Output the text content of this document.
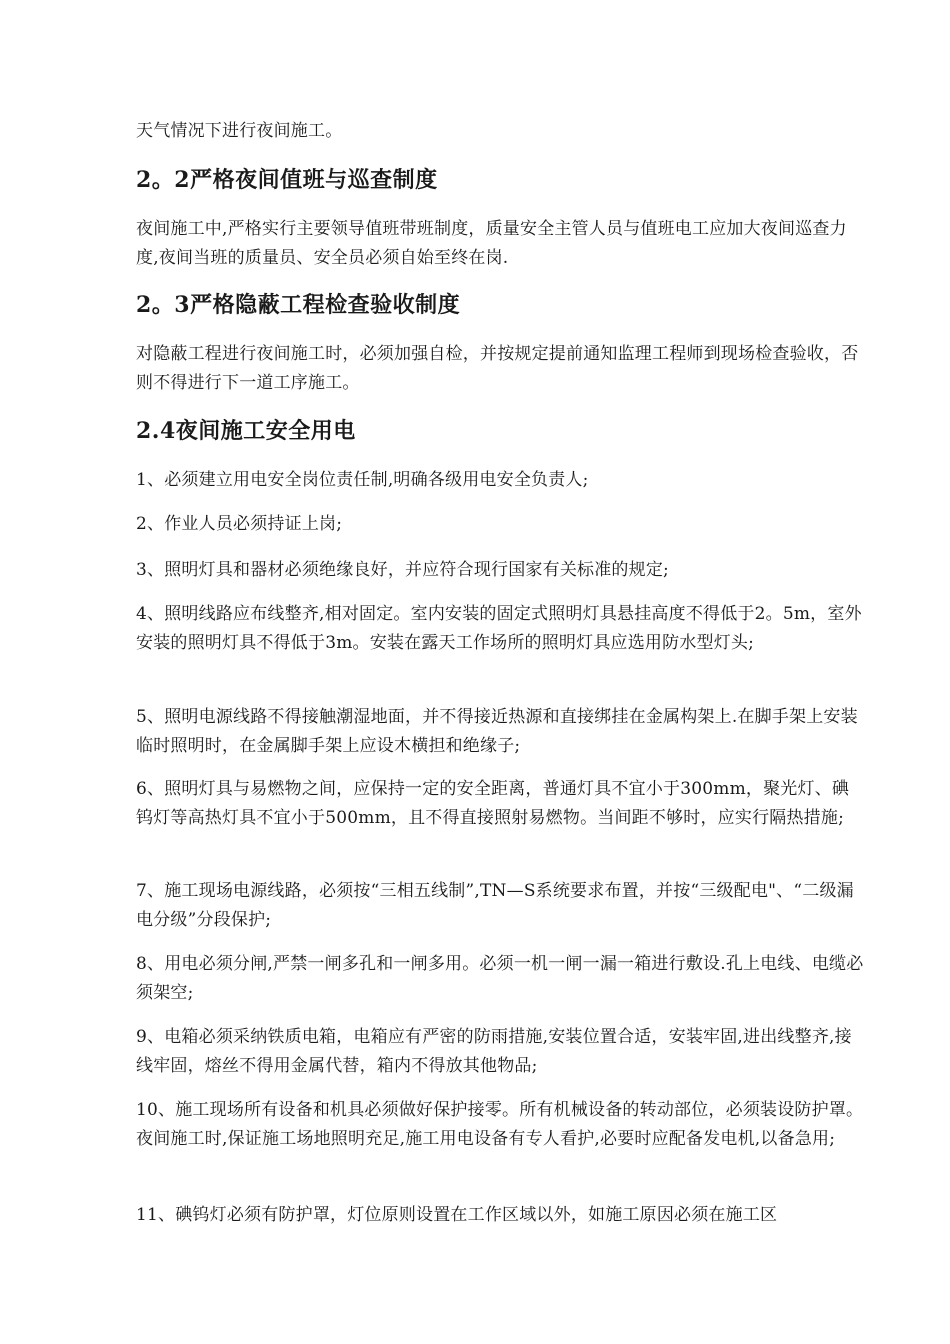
天气情况下进行夜间施工。

2。2严格夜间值班与巡查制度

夜间施工中,严格实行主要领导值班带班制度，质量安全主管人员与值班电工应加大夜间巡查力度,夜间当班的质量员、安全员必须自始至终在岗.

2。3严格隐蔽工程检查验收制度

对隐蔽工程进行夜间施工时，必须加强自检，并按规定提前通知监理工程师到现场检查验收，否则不得进行下一道工序施工。

2.4夜间施工安全用电

1、必须建立用电安全岗位责任制,明确各级用电安全负责人;

2、作业人员必须持证上岗;

3、照明灯具和器材必须绝缘良好，并应符合现行国家有关标准的规定;

4、照明线路应布线整齐,相对固定。室内安装的固定式照明灯具悬挂高度不得低于2。5m，室外安装的照明灯具不得低于3m。安装在露天工作场所的照明灯具应选用防水型灯头;

5、照明电源线路不得接触潮湿地面，并不得接近热源和直接绑挂在金属构架上.在脚手架上安装临时照明时，在金属脚手架上应设木横担和绝缘子;

6、照明灯具与易燃物之间，应保持一定的安全距离，普通灯具不宜小于300mm，聚光灯、碘钨灯等高热灯具不宜小于500mm，且不得直接照射易燃物。当间距不够时，应实行隔热措施;

7、施工现场电源线路，必须按“三相五线制”,TN—S系统要求布置，并按“三级配电"、“二级漏电分级”分段保护;

8、用电必须分闸,严禁一闸多孔和一闸多用。必须一机一闸一漏一箱进行敷设.孔上电线、电缆必须架空;

9、电箱必须采纳铁质电箱，电箱应有严密的防雨措施,安装位置合适，安装牢固,进出线整齐,接线牢固，熔丝不得用金属代替，箱内不得放其他物品;

10、施工现场所有设备和机具必须做好保护接零。所有机械设备的转动部位，必须装设防护罩。夜间施工时,保证施工场地照明充足,施工用电设备有专人看护,必要时应配备发电机,以备急用;

11、碘钨灯必须有防护罩，灯位原则设置在工作区域以外，如施工原因必须在施工区
